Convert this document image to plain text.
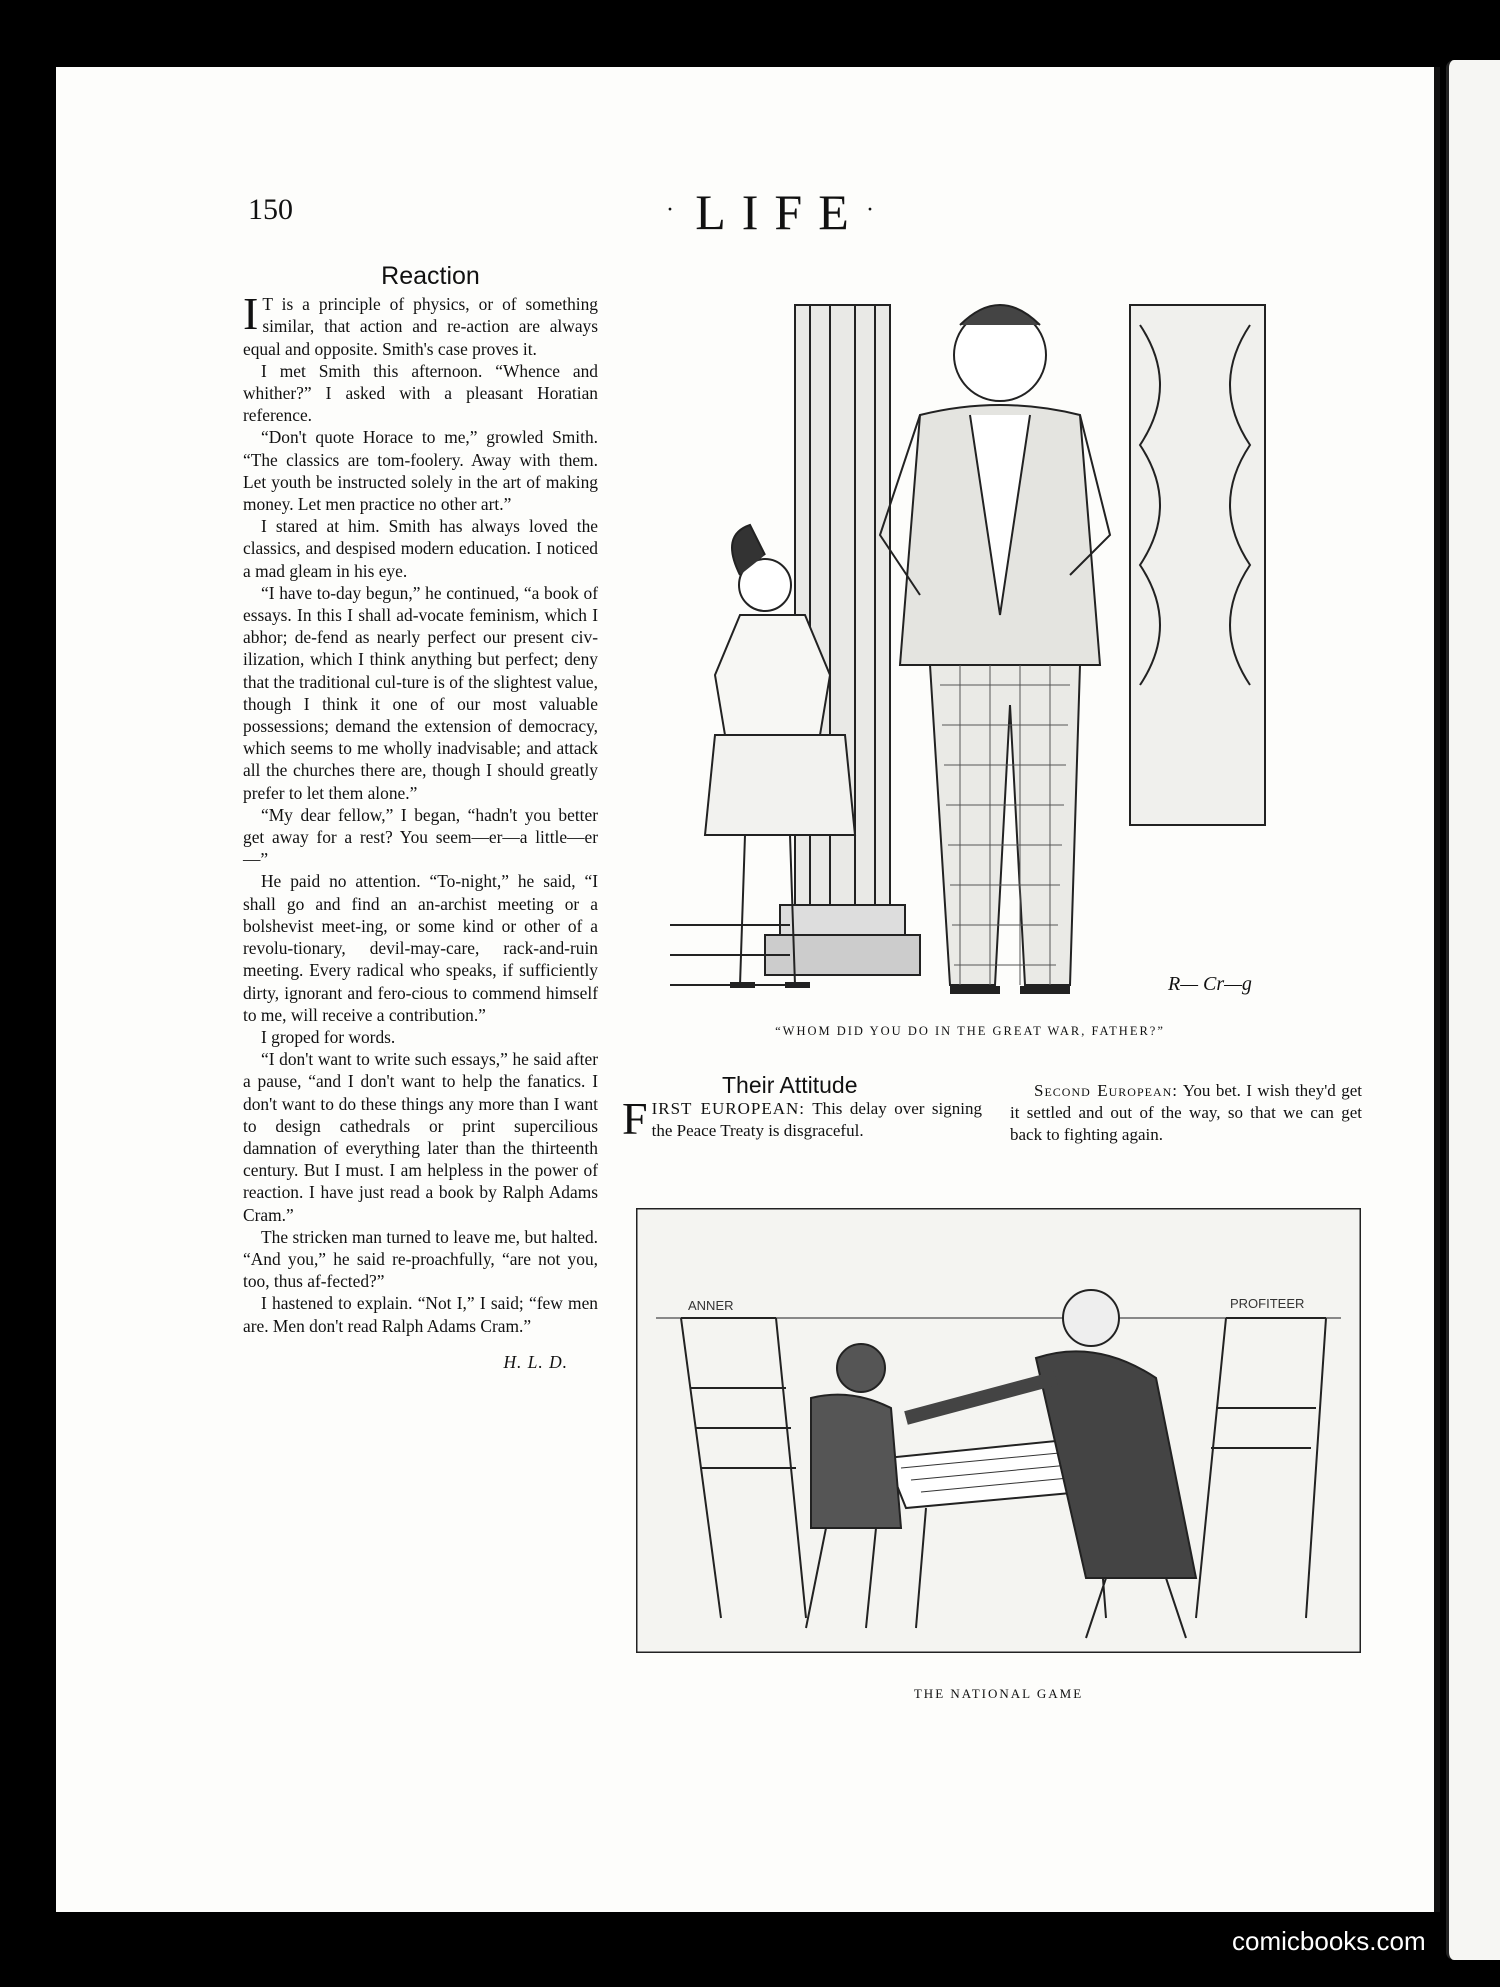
150
·	LIFE ·
Reaction

I T is a principle of physics, or of something similar, that action and re-action are always equal and opposite. Smith's case proves it.

I met Smith this afternoon. “Whence and whither?” I asked with a pleasant Horatian reference.

“Don't quote Horace to me,” growled Smith. “The classics are tom-foolery. Away with them. Let youth be instructed solely in the art of making money. Let men practice no other art.”

I stared at him. Smith has always loved the classics, and despised modern education. I noticed a mad gleam in his eye.

“I have to-day begun,” he continued, “a book of essays. In this I shall ad-vocate feminism, which I abhor; de-fend as nearly perfect our present civ-ilization, which I think anything but perfect; deny that the traditional cul-ture is of the slightest value, though I think it one of our most valuable possessions; demand the extension of democracy, which seems to me wholly inadvisable; and attack all the churches there are, though I should greatly prefer to let them alone.”

“My dear fellow,” I began, “hadn't you better get away for a rest? You seem—er—a little—er—”

He paid no attention. “To-night,” he said, “I shall go and find an an-archist meeting or a bolshevist meet-ing, or some kind or other of a revolu-tionary, devil-may-care, rack-and-ruin meeting. Every radical who speaks, if sufficiently dirty, ignorant and fero-cious to commend himself to me, will receive a contribution.”

I groped for words.

“I don't want to write such essays,” he said after a pause, “and I don't want to help the fanatics. I don't want to do these things any more than I want to design cathedrals or print supercilious damnation of everything later than the thirteenth century. But I must. I am helpless in the power of reaction. I have just read a book by Ralph Adams Cram.”

The stricken man turned to leave me, but halted. “And you,” he said re-proachfully, “are not you, too, thus af-fected?”

I hastened to explain. “Not I,” I said; “few men are. Men don't read Ralph Adams Cram.”

H. L. D.
R— Cr—g
“WHOM DID YOU DO IN THE GREAT WAR, FATHER?”
Their Attitude
FIRST EUROPEAN: This delay over signing the Peace Treaty is disgraceful.
Second European: You bet. I wish they'd get it settled and out of the way, so that we can get back to fighting again.
ANNER	PROFITEER
THE NATIONAL GAME
comicbooks.com
